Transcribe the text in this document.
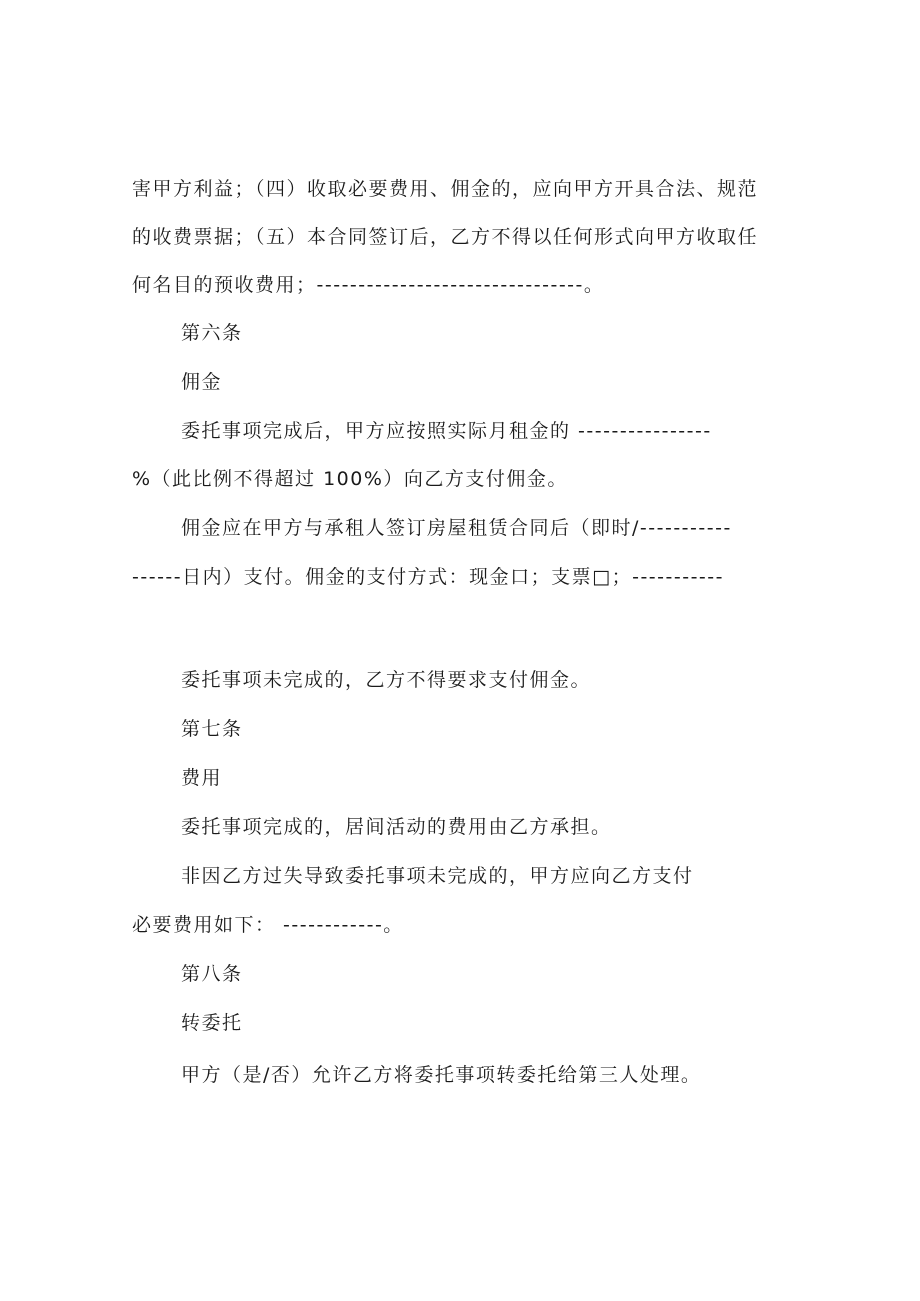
害甲方利益；（四）收取必要费用、佣金的，应向甲方开具合法、规范
的收费票据；（五）本合同签订后，乙方不得以任何形式向甲方收取任
何名目的预收费用；--------------------------------。
第六条
佣金
委托事项完成后，甲方应按照实际月租金的 ----------------
%（此比例不得超过 100%）向乙方支付佣金。
佣金应在甲方与承租人签订房屋租赁合同后（即时/-----------
------日内）支付。佣金的支付方式：现金口；支票□；-----------
委托事项未完成的，乙方不得要求支付佣金。
第七条
费用
委托事项完成的，居间活动的费用由乙方承担。
非因乙方过失导致委托事项未完成的，甲方应向乙方支付
必要费用如下： ------------。
第八条
转委托
甲方（是/否）允许乙方将委托事项转委托给第三人处理。
